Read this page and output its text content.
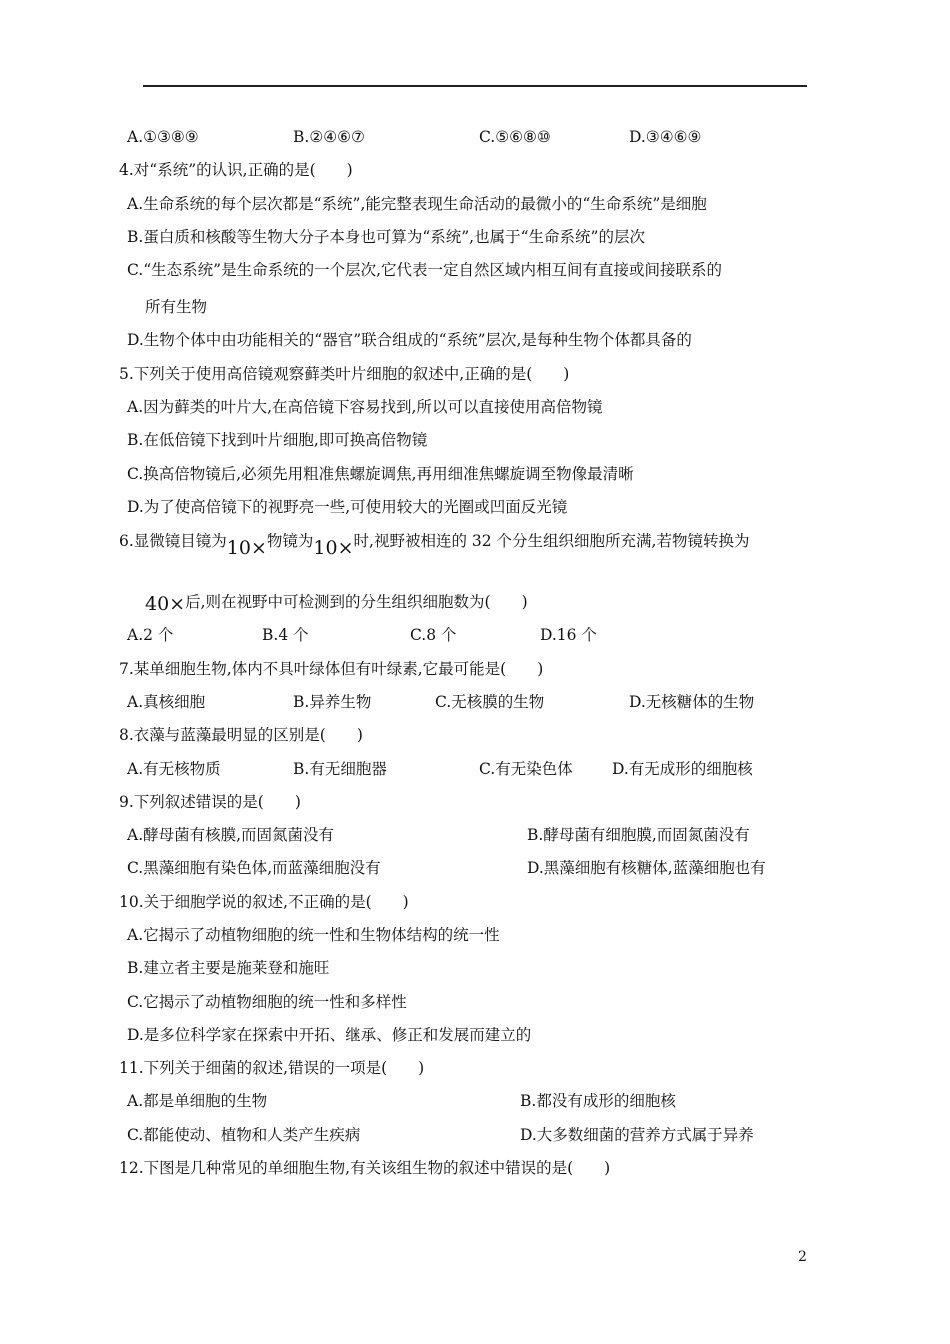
A.①③⑧⑨	B.②④⑥⑦	C.⑤⑥⑧⑩	D.③④⑥⑨
4.对“系统”的认识,正确的是(　　)
A.生命系统的每个层次都是“系统”,能完整表现生命活动的最微小的“生命系统”是细胞
B.蛋白质和核酸等生物大分子本身也可算为“系统”,也属于“生命系统”的层次
C.“生态系统”是生命系统的一个层次,它代表一定自然区域内相互间有直接或间接联系的
所有生物
D.生物个体中由功能相关的“器官”联合组成的“系统”层次,是每种生物个体都具备的
5.下列关于使用高倍镜观察藓类叶片细胞的叙述中,正确的是(　　)
A.因为藓类的叶片大,在高倍镜下容易找到,所以可以直接使用高倍物镜
B.在低倍镜下找到叶片细胞,即可换高倍物镜
C.换高倍物镜后,必须先用粗准焦螺旋调焦,再用细准焦螺旋调至物像最清晰
D.为了使高倍镜下的视野亮一些,可使用较大的光圈或凹面反光镜
6.显微镜目镜为10×物镜为10×时,视野被相连的 32 个分生组织细胞所充满,若物镜转换为
40×后,则在视野中可检测到的分生组织细胞数为(　　)
A.2 个	B.4 个	C.8 个	D.16 个
7.某单细胞生物,体内不具叶绿体但有叶绿素,它最可能是(　　)
A.真核细胞	B.异养生物	C.无核膜的生物	D.无核糖体的生物
8.衣藻与蓝藻最明显的区别是(　　)
A.有无核物质	B.有无细胞器	C.有无染色体	D.有无成形的细胞核
9.下列叙述错误的是(　　)
A.酵母菌有核膜,而固氮菌没有	B.酵母菌有细胞膜,而固氮菌没有
C.黑藻细胞有染色体,而蓝藻细胞没有	D.黑藻细胞有核糖体,蓝藻细胞也有
10.关于细胞学说的叙述,不正确的是(　　)
A.它揭示了动植物细胞的统一性和生物体结构的统一性
B.建立者主要是施莱登和施旺
C.它揭示了动植物细胞的统一性和多样性
D.是多位科学家在探索中开拓、继承、修正和发展而建立的
11.下列关于细菌的叙述,错误的一项是(　　)
A.都是单细胞的生物	B.都没有成形的细胞核
C.都能使动、植物和人类产生疾病	D.大多数细菌的营养方式属于异养
12.下图是几种常见的单细胞生物,有关该组生物的叙述中错误的是(　　)
2
